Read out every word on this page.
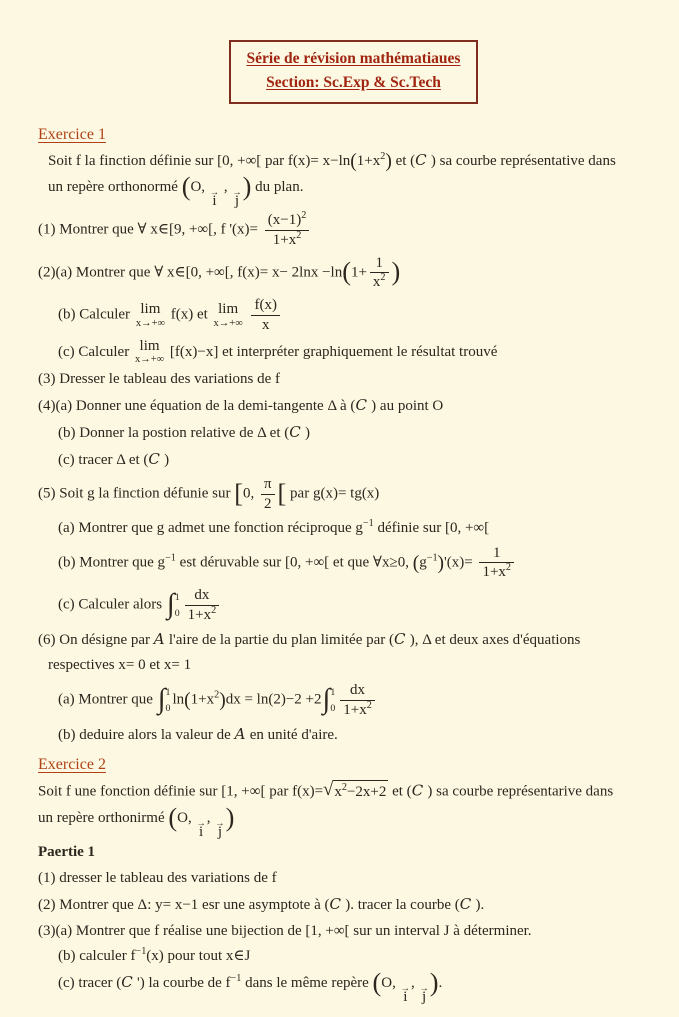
Série de révision mathématiaues
Section: Sc.Exp & Sc.Tech
Exercice 1
Soit f la finction définie sur [0, +∞[ par $f(x)= x-\ln(1+x^2)$ et (C ) sa courbe représentative dans
un repère orthonormé (O, →
i
, →
j
) du plan.
(1) Montrer que ∀ x∈[9, +∞[, f '$(x)= \frac{(x-1)^2}{1+x^2}$
(2)(a) Montrer que ∀ x∈[0, +∞[, $f(x)= x- 2\ln x -\ln(1+ \frac{1}{x^2}$ )
(b) Calculer lim
x→+∞
f(x) et lim
x→+∞
$\frac{f(x)}{x}$
(c) Calculer lim
x→+∞
[f(x)−x] et interpréter graphiquement le résultat trouvé
(3) Dresser le tableau des variations de f
(4)(a) Donner une équation de la demi-tangente Δ à (C ) au point O
(b) Donner la postion relative de Δ et (C )
(c) tracer Δ et (C )
(5) Soit g la finction défunie sur [0, $\frac{\pi}{2}$ [ par g(x)= tg(x)
(a) Montrer que g admet une fonction réciproque $g^{-1}$ définie sur [0, +∞[
(b) Montrer que $g^{-1}$ est déruvable sur [0, +∞[ et que ∀x≥0, $(g^{-1})'(x)= \frac{1}{1+x^2}$
(c) Calculer alors ∫ 1
$0 \frac{dx}{1+x^2}$
(6) On désigne par A l'aire de la partie du plan limitée par (C ), Δ et deux axes d'équations
respectives x= 0 et x= 1
(a) Montrer que ∫ 1
0
$\ln(1+x^2)dx = \ln(2)-2 +2$ ∫ 1
$0 \frac{dx}{1+x^2}$
(b) deduire alors la valeur de A en unité d'aire.
Exercice 2
Soit f une fonction définie sur [1, +∞[ par f(x)= √ $x^2-2x+2$ et (C ) sa courbe représentarive dans
un repère orthonirmé (O, →
i
, →
j
)
Paertie 1
(1) dresser le tableau des variations de f
(2) Montrer que Δ: y= x−1 esr une asymptote à (C ). tracer la courbe (C ).
(3)(a) Montrer que f réalise une bijection de [1, +∞[ sur un interval J à déterminer.
(b) calculer $f^{-1}(x)$ pour tout x∈J
(c) tracer (C ') la courbe de $f^{-1}$ dans le même repère (O, →
i
, →
j
).
